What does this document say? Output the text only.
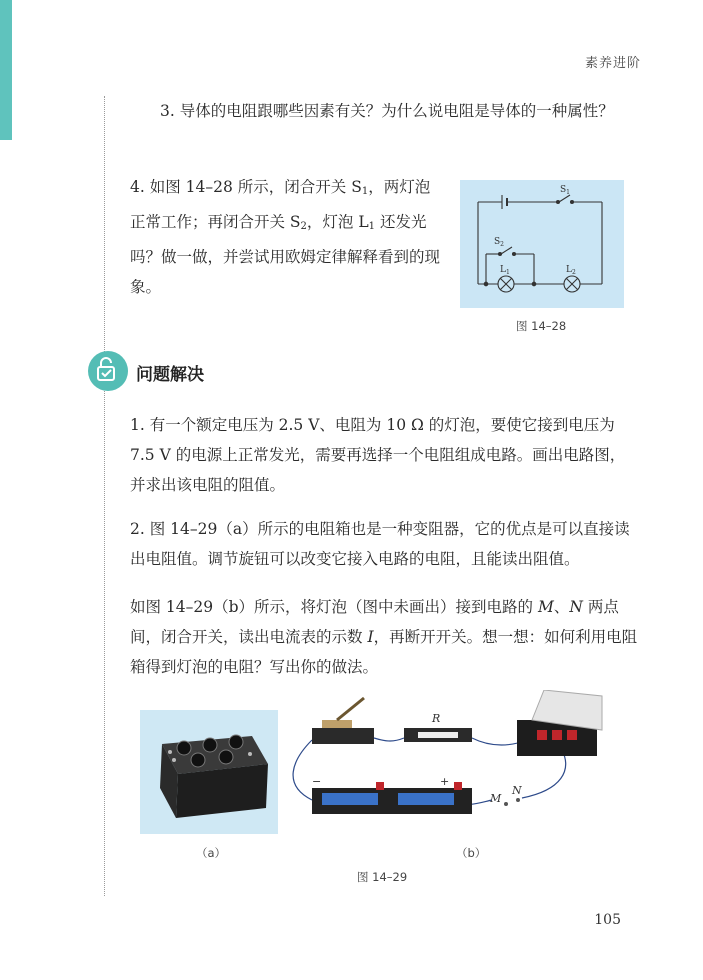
素养进阶
3. 导体的电阻跟哪些因素有关？为什么说电阻是导体的一种属性？
4. 如图 14–28 所示，闭合开关 $S_1$，两灯泡正常工作；再闭合开关 $S_2$，灯泡 $L_1$ 还发光吗？做一做，并尝试用欧姆定律解释看到的现象。
$S_1$
$S_2$
$L_1$	$L_2$
图 14–28
问题解决
1. 有一个额定电压为 2.5 V、电阻为 10 Ω 的灯泡，要使它接到电压为 7.5 V 的电源上正常发光，需要再选择一个电阻组成电路。画出电路图，并求出该电阻的阻值。
2. 图 14–29（a）所示的电阻箱也是一种变阻器，它的优点是可以直接读出电阻值。调节旋钮可以改变它接入电路的电阻，且能读出阻值。
如图 14–29（b）所示，将灯泡（图中未画出）接到电路的 M、N 两点间，闭合开关，读出电流表的示数 I，再断开开关。想一想：如何利用电阻箱得到灯泡的电阻？写出你的做法。
R
M
N
−	+
（a）	（b）
图 14–29
105
